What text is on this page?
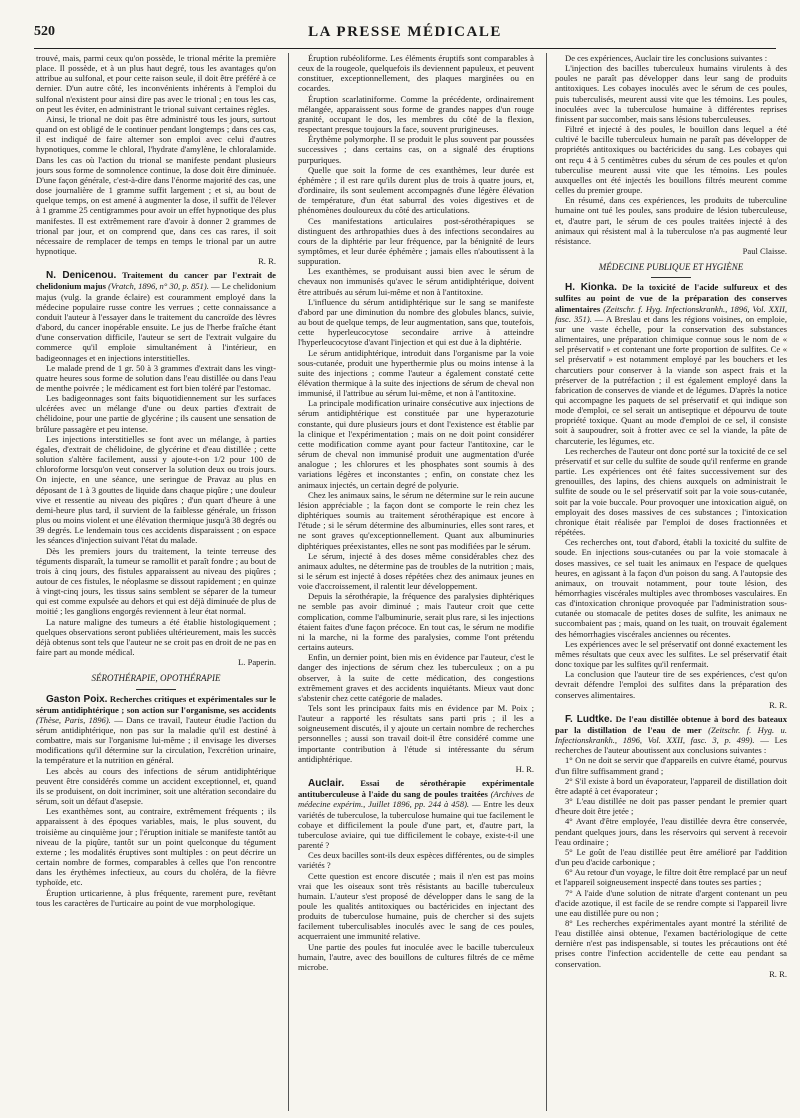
520	LA PRESSE MÉDICALE

trouvé, mais, parmi ceux qu'on possède, le trional mérite la première place. Il possède, et à un plus haut degré, tous les avantages qu'on attribue au sulfonal, et pour cette raison seule, il doit être préféré à ce dernier. D'un autre côté, les inconvénients inhérents à l'emploi du sulfonal n'existent pour ainsi dire pas avec le trional ; en tous les cas, on peut les éviter, en administrant le trional suivant certaines règles.

Ainsi, le trional ne doit pas être administré tous les jours, surtout quand on est obligé de le continuer pendant longtemps ; dans ces cas, il est indiqué de faire alterner son emploi avec celui d'autres hypnotiques, comme le chloral, l'hydrate d'amylène, le chloralamide. Dans les cas où l'action du trional se manifeste pendant plusieurs jours sous forme de somnolence continue, la dose doit être diminuée. D'une façon générale, c'est-à-dire dans l'énorme majorité des cas, une dose journalière de 1 gramme suffit largement ; et si, au bout de quelque temps, on est amené à augmenter la dose, il suffit de l'élever à 1 gramme 25 centigrammes pour avoir un effet hypnotique des plus manifestes. Il est extrêmement rare d'avoir à donner 2 grammes de trional par jour, et on comprend que, dans ces cas rares, il soit nécessaire de remplacer de temps en temps le trional par un autre hypnotique.

R. R.

N. Denicenou. Traitement du cancer par l'extrait de chelidonium majus (Vratch, 1896, n° 30, p. 851). — Le chelidonium majus (vulg. la grande éclaire) est couramment employé dans la médecine populaire russe contre les verrues ; cette connaissance a conduit l'auteur à l'essayer dans le traitement du cancroïde des lèvres d'abord, du cancer inopérable ensuite. Le jus de l'herbe fraîche étant d'une conservation difficile, l'auteur se sert de l'extrait vulgaire du commerce qu'il emploie simultanément à l'intérieur, en badigeonnages et en injections interstitielles.

Le malade prend de 1 gr. 50 à 3 grammes d'extrait dans les vingt-quatre heures sous forme de solution dans l'eau distillée ou dans l'eau de menthe poivrée ; le médicament est fort bien toléré par l'estomac.

Les badigeonnages sont faits biquotidiennement sur les surfaces ulcérées avec un mélange d'une ou deux parties d'extrait de chélidoine, pour une partie de glycérine ; ils causent une sensation de brûlure passagère et peu intense.

Les injections interstitielles se font avec un mélange, à parties égales, d'extrait de chélidoine, de glycérine et d'eau distillée ; cette solution s'altère facilement, aussi y ajoute-t-on 1/2 pour 100 de chloroforme lorsqu'on veut conserver la solution deux ou trois jours. On injecte, en une séance, une seringue de Pravaz au plus en déposant de 1 à 3 gouttes de liquide dans chaque piqûre ; une douleur vive et ressentie au niveau des piqûres ; d'un quart d'heure à une demi-heure plus tard, il survient de la faiblesse générale, un frisson plus ou moins violent et une élévation thermique jusqu'à 38 degrés ou 39 degrés. Le lendemain tous ces accidents disparaissent ; on espace les séances d'injection suivant l'état du malade.

Dès les premiers jours du traitement, la teinte terreuse des téguments disparaît, la tumeur se ramollit et paraît fondre ; au bout de trois à cinq jours, des fistules apparaissent au niveau des piqûres ; autour de ces fistules, le néoplasme se dissout rapidement ; en quinze à vingt-cinq jours, les tissus sains semblent se séparer de la tumeur qui est comme expulsée au dehors et qui est déjà diminuée de plus de moitié ; les ganglions engorgés reviennent à leur état normal.

La nature maligne des tumeurs a été établie histologiquement ; quelques observations seront publiées ultérieurement, mais les succès déjà obtenus sont tels que l'auteur ne se croit pas en droit de ne pas en faire part au monde médical.

L. Paperin.

SÉROTHÉRAPIE, OPOTHÉRAPIE

Gaston Poix. Recherches critiques et expérimentales sur le sérum antidiphtérique ; son action sur l'organisme, ses accidents (Thèse, Paris, 1896). — Dans ce travail, l'auteur étudie l'action du sérum antidiphtérique, non pas sur la maladie qu'il est destiné à combattre, mais sur l'organisme lui-même ; il envisage les diverses modifications qu'il détermine sur la circulation, l'excrétion urinaire, la température et la nutrition en général.

Les abcès au cours des infections de sérum antidiphtérique peuvent être considérés comme un accident exceptionnel, et, quand ils se produisent, on doit incriminer, soit une altération secondaire du sérum, soit un défaut d'asepsie.

Les exanthèmes sont, au contraire, extrêmement fréquents ; ils apparaissent à des époques variables, mais, le plus souvent, du troisième au cinquième jour ; l'éruption initiale se manifeste tantôt au niveau de la piqûre, tantôt sur un point quelconque du tégument externe ; les modalités éruptives sont multiples : on peut décrire un certain nombre de formes, comparables à celles que l'on rencontre dans les érythèmes infectieux, au cours du choléra, de la fièvre typhoïde, etc.

Éruption urticarienne, à plus fréquente, rarement pure, revêtant tous les caractères de l'urticaire au point de vue morphologique.

Éruption rubéoliforme. Les éléments éruptifs sont comparables à ceux de la rougeole, quelquefois ils deviennent papuleux, et peuvent constituer, exceptionnellement, des plaques marginées ou en cocardes.

Éruption scarlatiniforme. Comme la précédente, ordinairement mélangée, apparaissent sous forme de grandes nappes d'un rouge granité, occupant le dos, les membres du côté de la flexion, respectant presque toujours la face, souvent prurigineuses.

Érythème polymorphe. Il se produit le plus souvent par poussées successives ; dans certains cas, on a signalé des éruptions purpuriques.

Quelle que soit la forme de ces exanthèmes, leur durée est éphémère ; il est rare qu'ils durent plus de trois à quatre jours, et, d'ordinaire, ils sont seulement accompagnés d'une légère élévation de température, d'un état saburral des voies digestives et de phénomènes douloureux du côté des articulations.

Ces manifestations articulaires post-sérothérapiques se distinguent des arthropathies dues à des infections secondaires au cours de la diphtérie par leur fréquence, par la bénignité de leurs symptômes, et leur durée éphémère ; jamais elles n'aboutissent à la suppuration.

Les exanthèmes, se produisant aussi bien avec le sérum de chevaux non immunisés qu'avec le sérum antidiphtérique, doivent être attribués au sérum lui-même et non à l'antitoxine.

L'influence du sérum antidiphtérique sur le sang se manifeste d'abord par une diminution du nombre des globules blancs, suivie, au bout de quelque temps, de leur augmentation, sans que, toutefois, cette hyperleucocytose secondaire arrive à atteindre l'hyperleucocytose d'avant l'injection et qui est due à la diphtérie.

Le sérum antidiphtérique, introduit dans l'organisme par la voie sous-cutanée, produit une hyperthermie plus ou moins intense à la suite des injections ; comme l'auteur a également constaté cette élévation thermique à la suite des injections de sérum de cheval non immunisé, il l'attribue au sérum lui-même, et non à l'antitoxine.

La principale modification urinaire consécutive aux injections de sérum antidiphtérique est constituée par une hyperazoturie constante, qui dure plusieurs jours et dont l'existence est établie par la clinique et l'expérimentation ; mais on ne doit point considérer cette modification comme ayant pour facteur l'antitoxine, car le sérum de cheval non immunisé produit une augmentation d'urée analogue ; les chlorures et les phosphates sont soumis à des variations légères et inconstantes ; enfin, on constate chez les animaux injectés, un certain degré de polyurie.

Chez les animaux sains, le sérum ne détermine sur le rein aucune lésion appréciable ; la façon dont se comporte le rein chez les diphtériques soumis au traitement sérothérapique est encore à l'étude ; si le sérum détermine des albuminuries, elles sont rares, et ne sont graves qu'exceptionnellement. Quant aux albuminuries diphtériques préexistantes, elles ne sont pas modifiées par le sérum.

Le sérum, injecté à des doses même considérables chez des animaux adultes, ne détermine pas de troubles de la nutrition ; mais, si le sérum est injecté à doses répétées chez des animaux jeunes en voie d'accroissement, il ralentit leur développement.

Depuis la sérothérapie, la fréquence des paralysies diphtériques ne semble pas avoir diminué ; mais l'auteur croit que cette complication, comme l'albuminurie, serait plus rare, si les injections étaient faites d'une façon précoce. En tout cas, le sérum ne modifie ni la marche, ni la forme des paralysies, comme l'ont prétendu certains auteurs.

Enfin, un dernier point, bien mis en évidence par l'auteur, c'est le danger des injections de sérum chez les tuberculeux ; on a pu observer, à la suite de cette médication, des congestions extrêmement graves et des accidents inquiétants. Mieux vaut donc s'abstenir chez cette catégorie de malades.

Tels sont les principaux faits mis en évidence par M. Poix ; l'auteur a rapporté les résultats sans parti pris ; il les a soigneusement discutés, il y ajoute un certain nombre de recherches personnelles ; aussi son travail doit-il être considéré comme une importante contribution à l'étude si intéressante du sérum antidiphtérique.

H. R.

Auclair. Essai de sérothérapie expérimentale antituberculeuse à l'aide du sang de poules traitées (Archives de médecine expérim., Juillet 1896, pp. 244 à 458). — Entre les deux variétés de tuberculose, la tuberculose humaine qui tue facilement le cobaye et difficilement la poule d'une part, et, d'autre part, la tuberculose aviaire, qui tue difficilement le cobaye, existe-t-il une parenté ?

Ces deux bacilles sont-ils deux espèces différentes, ou de simples variétés ?

Cette question est encore discutée ; mais il n'en est pas moins vrai que les oiseaux sont très résistants au bacille tuberculeux humain. L'auteur s'est proposé de développer dans le sang de la poule les qualités antitoxiques ou bactéricides en injectant des produits de tuberculose humaine, puis de chercher si des sujets facilement tuberculisables inoculés avec le sang de ces poules, acquerraient une immunité relative.

Une partie des poules fut inoculée avec le bacille tuberculeux humain, l'autre, avec des bouillons de cultures filtrés de ce même microbe.

De ces expériences, Auclair tire les conclusions suivantes :

L'injection des bacilles tuberculeux humains virulents à des poules ne paraît pas développer dans leur sang de produits antitoxiques. Les cobayes inoculés avec le sérum de ces poules, puis tuberculisés, meurent aussi vite que les témoins. Les poules, inoculées avec la tuberculose humaine à différentes reprises finissent par succomber, mais sans lésions tuberculeuses.

Filtré et injecté à des poules, le bouillon dans lequel a été cultivé le bacille tuberculeux humain ne paraît pas développer de propriétés antitoxiques ou bactéricides du sang. Les cobayes qui ont reçu 4 à 5 centimètres cubes du sérum de ces poules et qu'on tuberculise meurent aussi vite que les témoins. Les poules auxquelles ont été injectés les bouillons filtrés meurent comme celles du premier groupe.

En résumé, dans ces expériences, les produits de tuberculine humaine ont tué les poules, sans produire de lésion tuberculeuse, et, d'autre part, le sérum de ces poules traitées injecté à des animaux qui résistent mal à la tuberculose n'a pas augmenté leur résistance.

Paul Claisse.

MÉDECINE PUBLIQUE ET HYGIÈNE

H. Kionka. De la toxicité de l'acide sulfureux et des sulfites au point de vue de la préparation des conserves alimentaires (Zeitschr. f. Hyg. Infectionskrankh., 1896, Vol. XXII, fasc. 351). — A Breslau et dans les régions voisines, on emploie, sur une vaste échelle, pour la conservation des substances alimentaires, une préparation chimique connue sous le nom de « sel préservatif » et contenant une forte proportion de sulfites. Ce « sel préservatif » est notamment employé par les bouchers et les charcutiers pour conserver à la viande son aspect frais et la préserver de la putréfaction ; il est également employé dans la fabrication de conserves de viande et de légumes. D'après la notice qui accompagne les paquets de sel préservatif et qui indique son mode d'emploi, ce sel serait un antiseptique et dépourvu de toute propriété toxique. Quant au mode d'emploi de ce sel, il consiste soit à saupoudrer, soit à frotter avec ce sel la viande, la pâte de charcuterie, les légumes, etc.

Les recherches de l'auteur ont donc porté sur la toxicité de ce sel préservatif et sur celle du sulfite de soude qu'il renferme en grande partie. Les expériences ont été faites successivement sur des grenouilles, des lapins, des chiens auxquels on administrait le sulfite de soude ou le sel préservatif soit par la voie sous-cutanée, soit par la voie buccale. Pour provoquer une intoxication aiguë, on employait des doses massives de ces substances ; l'intoxication chronique était réalisée par l'emploi de doses fractionnées et répétées.

Ces recherches ont, tout d'abord, établi la toxicité du sulfite de soude. En injections sous-cutanées ou par la voie stomacale à doses massives, ce sel tuait les animaux en l'espace de quelques heures, en agissant à la façon d'un poison du sang. A l'autopsie des animaux, on trouvait notamment, pour toute lésion, des hémorrhagies viscérales multiples avec thromboses vasculaires. En cas d'intoxication chronique provoquée par l'administration sous-cutanée ou stomacale de petites doses de sulfite, les animaux ne succombaient pas ; mais, quand on les tuait, on trouvait également des hémorrhagies viscérales anciennes ou récentes.

Les expériences avec le sel préservatif ont donné exactement les mêmes résultats que ceux avec les sulfites. Le sel préservatif était donc toxique par les sulfites qu'il renfermait.

La conclusion que l'auteur tire de ses expériences, c'est qu'on devrait défendre l'emploi des sulfites dans la préparation des conserves alimentaires.

R. R.

F. Ludtke. De l'eau distillée obtenue à bord des bateaux par la distillation de l'eau de mer (Zeitschr. f. Hyg. u. Infectionskrankh., 1896, Vol. XXII, fasc. 3, p. 499). — Les recherches de l'auteur aboutissent aux conclusions suivantes :

1° On ne doit se servir que d'appareils en cuivre étamé, pourvus d'un filtre suffisamment grand ;

2° S'il existe à bord un évaporateur, l'appareil de distillation doit être adapté à cet évaporateur ;

3° L'eau distillée ne doit pas passer pendant le premier quart d'heure doit être jetée ;

4° Avant d'être employée, l'eau distillée devra être conservée, pendant quelques jours, dans les réservoirs qui servent à recevoir l'eau ordinaire ;

5° Le goût de l'eau distillée peut être amélioré par l'addition d'un peu d'acide carbonique ;

6° Au retour d'un voyage, le filtre doit être remplacé par un neuf et l'appareil soigneusement inspecté dans toutes ses parties ;

7° A l'aide d'une solution de nitrate d'argent contenant un peu d'acide azotique, il est facile de se rendre compte si l'appareil livre une eau distillée pure ou non ;

8° Les recherches expérimentales ayant montré la stérilité de l'eau distillée ainsi obtenue, l'examen bactériologique de cette dernière n'est pas indispensable, si toutes les précautions ont été prises contre l'infection accidentelle de cette eau pendant sa conservation.

R. R.
